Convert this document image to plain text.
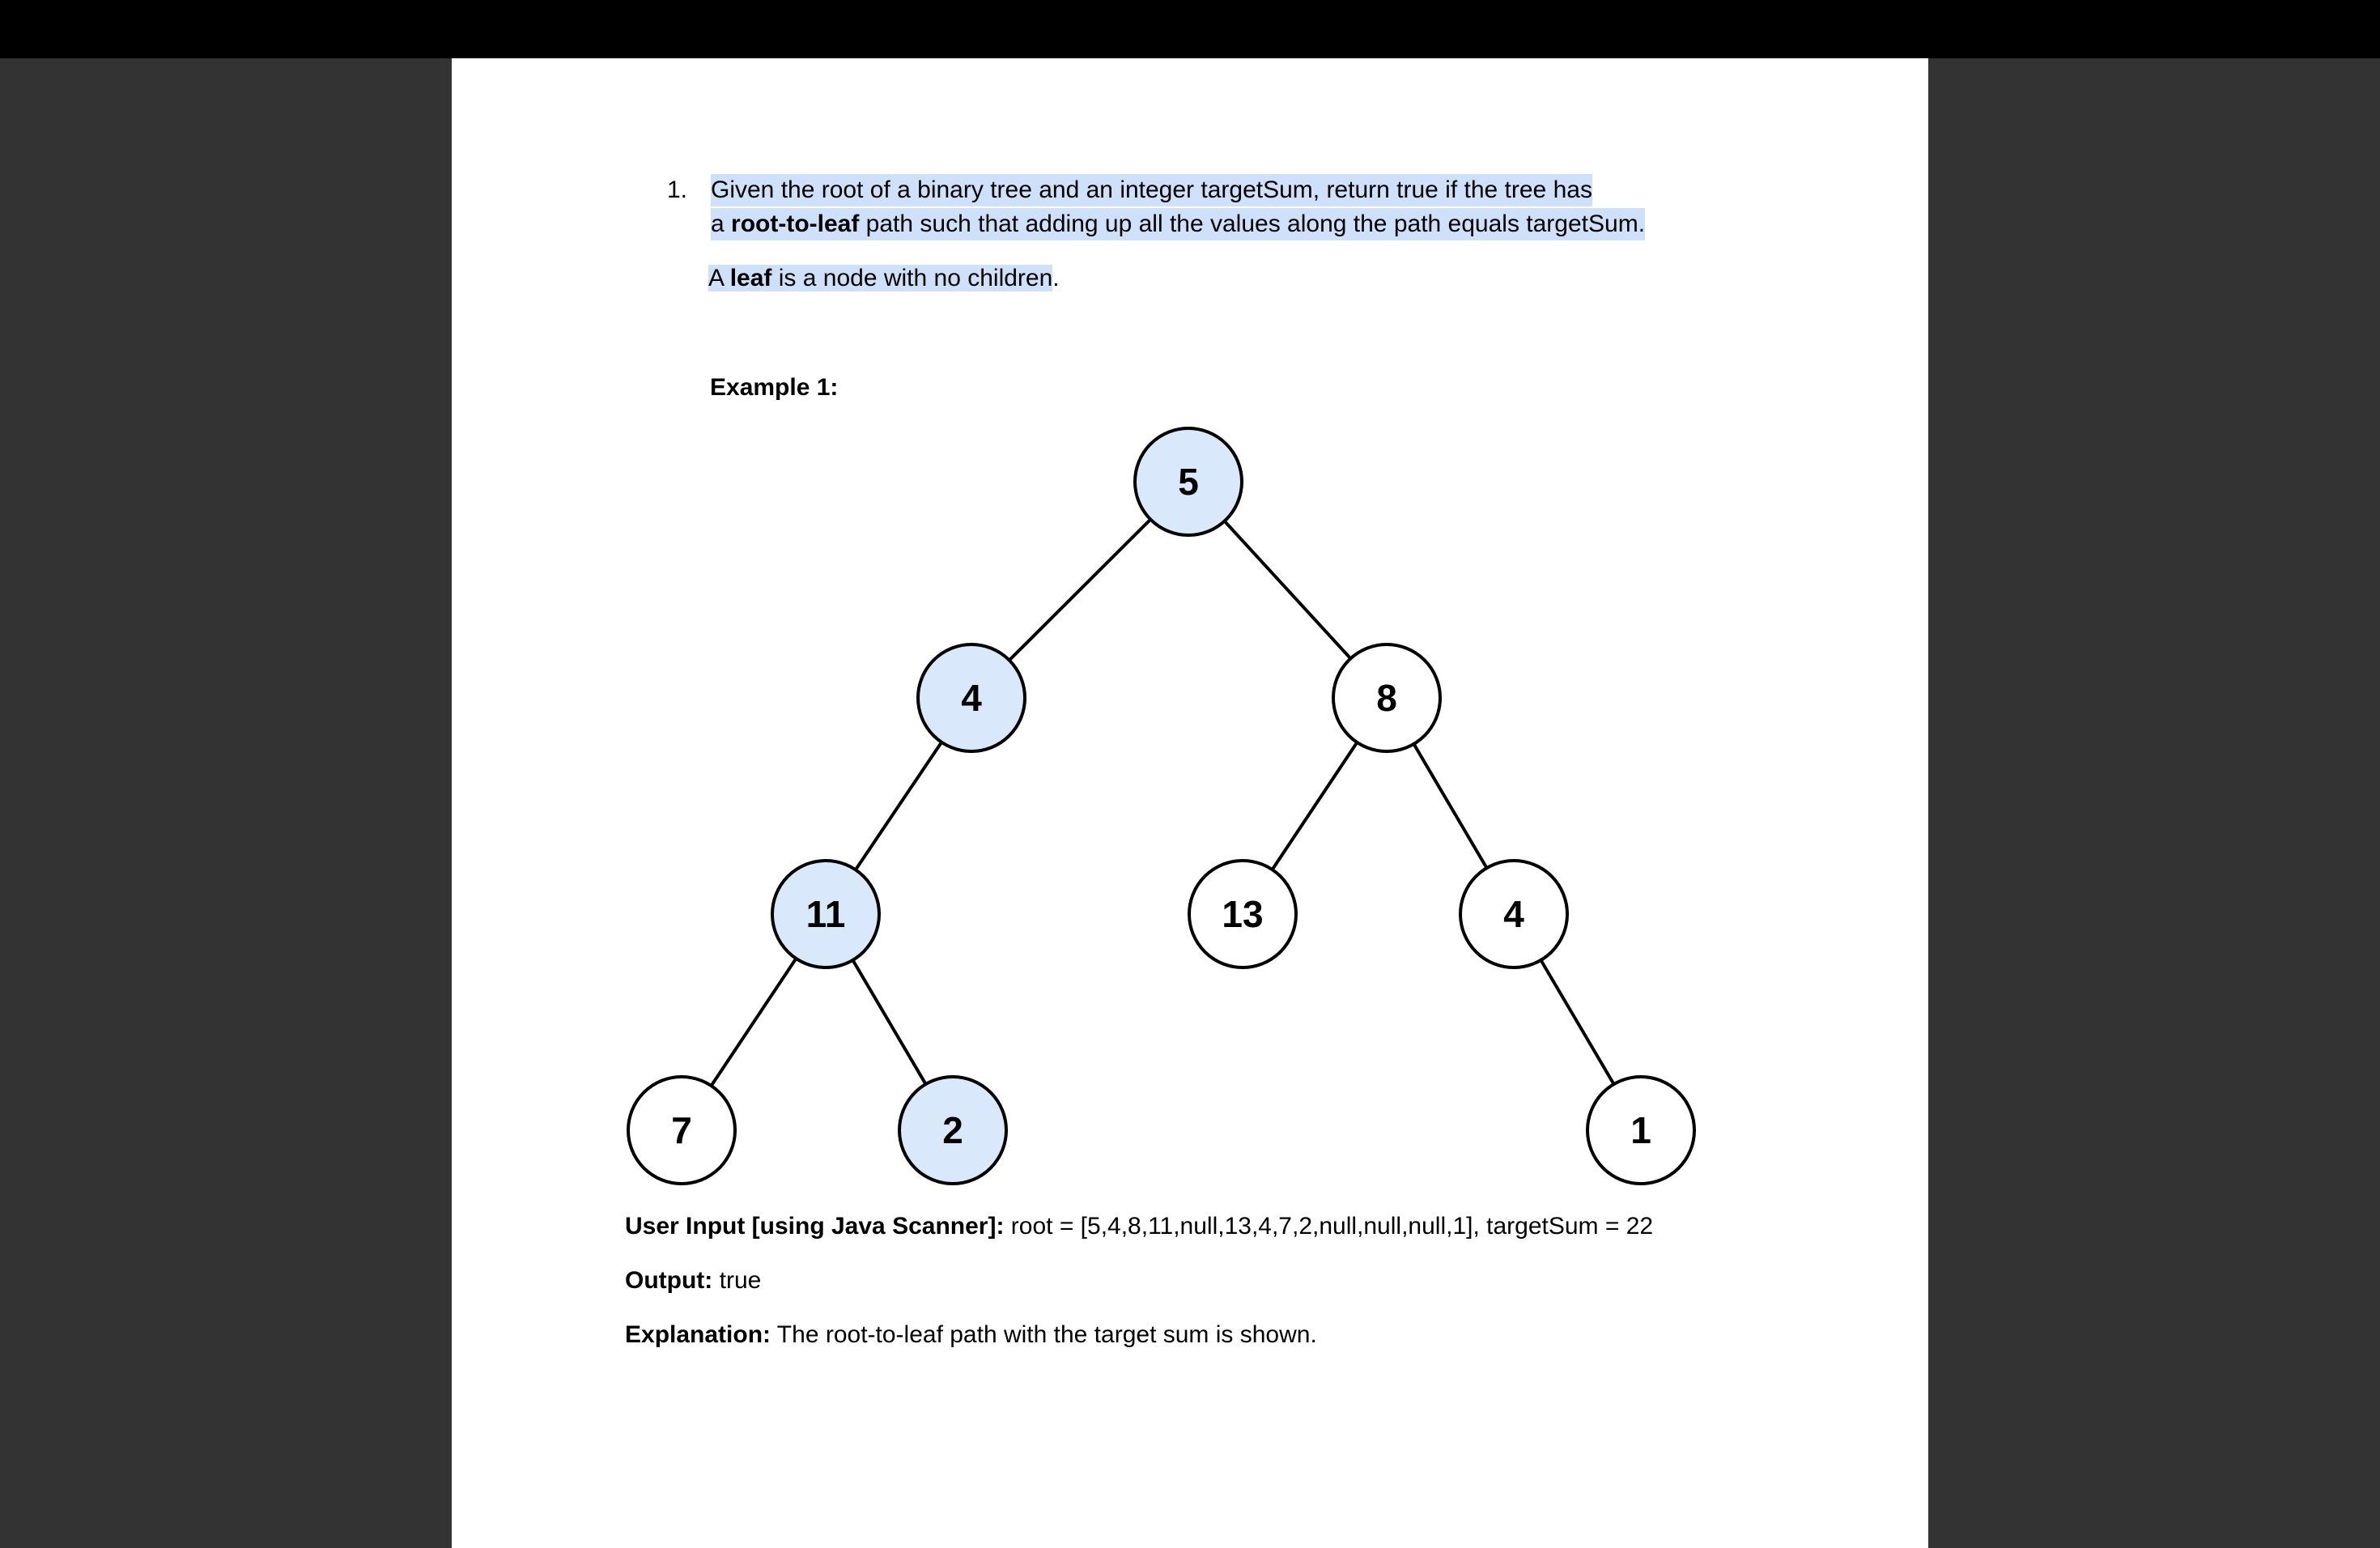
1. Given the root of a binary tree and an integer targetSum, return true if the tree has
a root-to-leaf path such that adding up all the values along the path equals targetSum.
A leaf is a node with no children.
Example 1:
5
4	8
11	13	4
7	2	1
User Input [using Java Scanner]: root = [5,4,8,11,null,13,4,7,2,null,null,null,1], targetSum = 22
Output: true
Explanation: The root-to-leaf path with the target sum is shown.
